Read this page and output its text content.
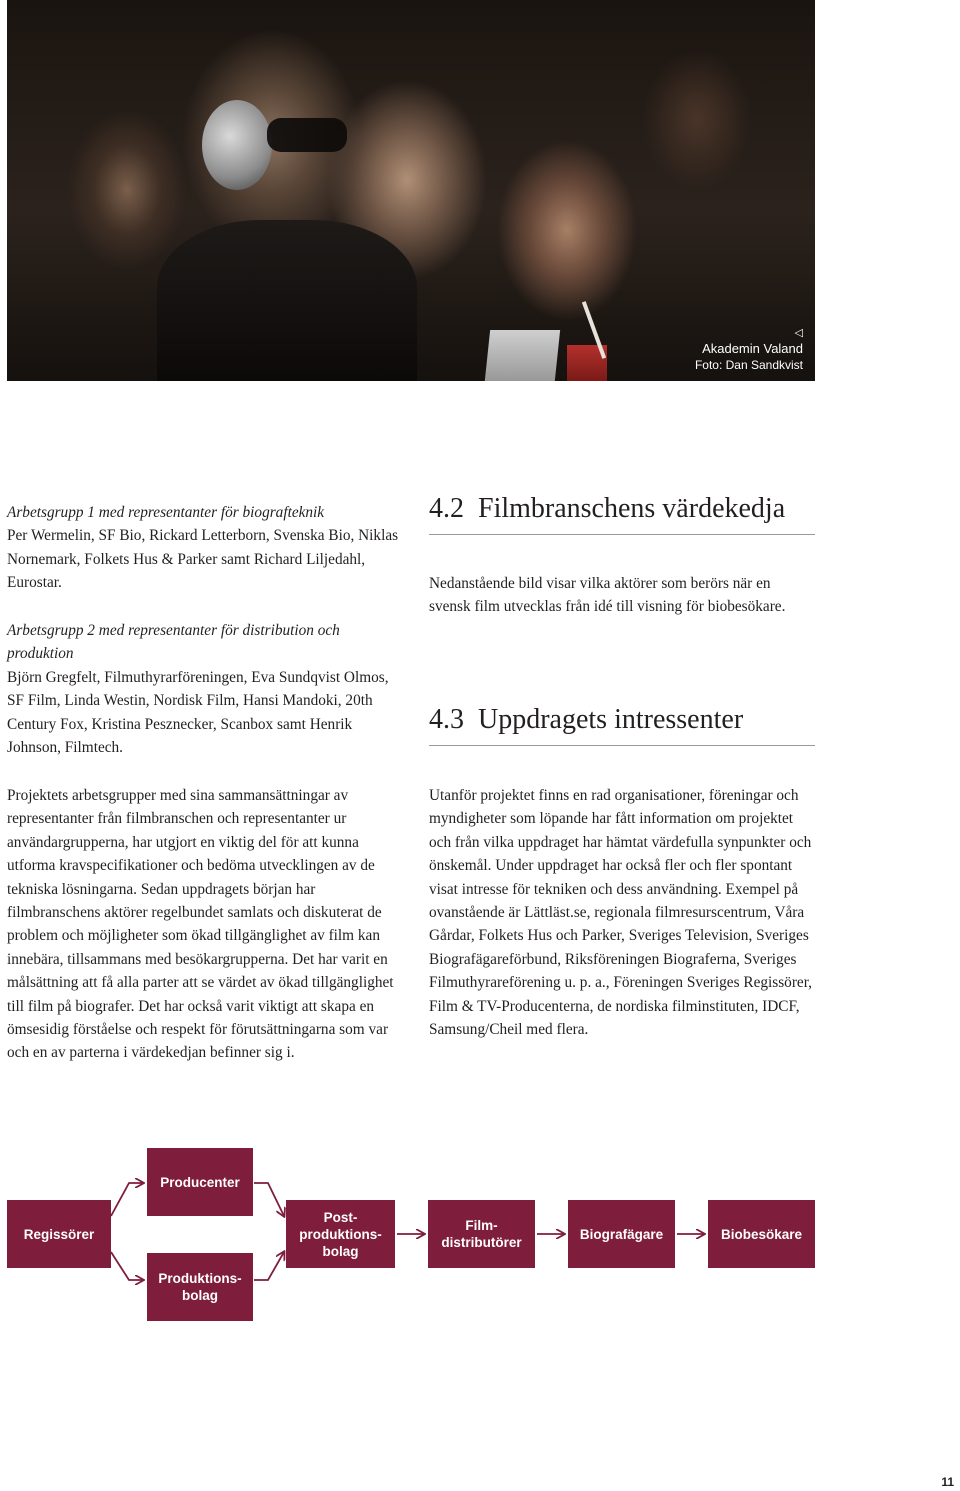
◁
Akademin Valand
Foto: Dan Sandkvist

Arbetsgrupp 1 med representanter för biografteknik

Per Wermelin, SF Bio, Rickard Letterborn, Svenska Bio, Niklas Nornemark, Folkets Hus & Parker samt Richard Liljedahl, Eurostar.

Arbetsgrupp 2 med representanter för distribution och produktion

Björn Gregfelt, Filmuthyrarföreningen, Eva Sundqvist Olmos, SF Film, Linda Westin, Nordisk Film, Hansi Mandoki, 20th Century Fox, Kristina Pesznecker, Scanbox samt Henrik Johnson, Filmtech.

Projektets arbetsgrupper med sina sammansättningar av representanter från filmbranschen och representanter ur användargrupperna, har utgjort en viktig del för att kunna utforma kravspecifikationer och bedöma utvecklingen av de tekniska lösningarna. Sedan uppdragets början har filmbranschens aktörer regelbundet samlats och diskuterat de problem och möjligheter som ökad tillgänglighet av film kan innebära, tillsammans med besökargrupperna. Det har varit en målsättning att få alla parter att se värdet av ökad tillgänglighet till film på biografer. Det har också varit viktigt att skapa en ömsesidig förståelse och respekt för förutsättningarna som var och en av parterna i värdekedjan befinner sig i.

4.2 Filmbranschens värdekedja

Nedanstående bild visar vilka aktörer som berörs när en svensk film utvecklas från idé till visning för biobesökare.

4.3 Uppdragets intressenter

Utanför projektet finns en rad organisationer, föreningar och myndigheter som löpande har fått information om projektet och från vilka uppdraget har hämtat värdefulla synpunkter och önskemål. Under uppdraget har också fler och fler spontant visat intresse för tekniken och dess användning. Exempel på ovanstående är Lättläst.se, regionala filmresurscentrum, Våra Gårdar, Folkets Hus och Parker, Sveriges Television, Sveriges Biografägareförbund, Riksföreningen Biograferna, Sveriges Filmuthyrareförening u. p. a., Föreningen Sveriges Regissörer, Film & TV-Producenterna, de nordiska filminstituten, IDCF, Samsung/Cheil med flera.

Regissörer
Producenter
Produktions-
bolag
Post-
produktions-
bolag
Film-
distributörer
Biografägare	Biobesökare
11
